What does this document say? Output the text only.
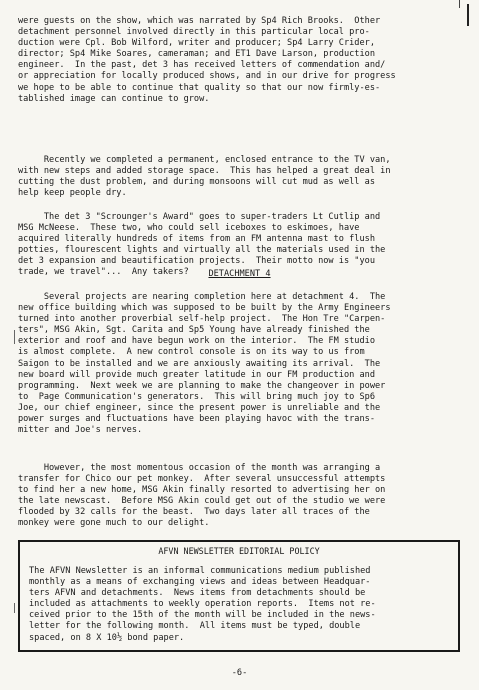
were guests on the show, which was narrated by Sp4 Rich Brooks.  Other
detachment personnel involved directly in this particular local pro-
duction were Cpl. Bob Wilford, writer and producer; Sp4 Larry Crider,
director; Sp4 Mike Soares, cameraman; and ET1 Dave Larson, production
engineer.  In the past, det 3 has received letters of commendation and/
or appreciation for locally produced shows, and in our drive for progress
we hope to be able to continue that quality so that our now firmly-es-
tablished image can continue to grow.

Recently we completed a permanent, enclosed entrance to the TV van,
with new steps and added storage space.  This has helped a great deal in
cutting the dust problem, and during monsoons will cut mud as well as
help keep people dry.

The det 3 "Scrounger's Award" goes to super-traders Lt Cutlip and
MSG McNeese.  These two, who could sell iceboxes to eskimoes, have
acquired literally hundreds of items from an FM antenna mast to flush
potties, flourescent lights and virtually all the materials used in the
det 3 expansion and beautification projects.  Their motto now is "you
trade, we travel"...  Any takers?	DETACHMENT 4

Several projects are nearing completion here at detachment 4.  The
new office building which was supposed to be built by the Army Engineers
turned into another proverbial self-help project.  The Hon Tre "Carpen-
ters", MSG Akin, Sgt. Carita and Sp5 Young have already finished the
exterior and roof and have begun work on the interior.  The FM studio
is almost complete.  A new control console is on its way to us from
Saigon to be installed and we are anxiously awaiting its arrival.  The
new board will provide much greater latitude in our FM production and
programming.  Next week we are planning to make the changeover in power
to  Page Communication's generators.  This will bring much joy to Sp6
Joe, our chief engineer, since the present power is unreliable and the
power surges and fluctuations have been playing havoc with the trans-
mitter and Joe's nerves.

However, the most momentous occasion of the month was arranging a
transfer for Chico our pet monkey.  After several unsuccessful attempts
to find her a new home, MSG Akin finally resorted to advertising her on
the late newscast.  Before MSG Akin could get out of the studio we were
flooded by 32 calls for the beast.  Two days later all traces of the
monkey were gone much to our delight.

AFVN NEWSLETTER EDITORIAL POLICY

The AFVN Newsletter is an informal communications medium published
monthly as a means of exchanging views and ideas between Headquar-
ters AFVN and detachments.  News items from detachments should be
included as attachments to weekly operation reports.  Items not re-
ceived prior to the 15th of the month will be included in the news-
letter for the following month.  All items must be typed, double
spaced, on 8 X 10½ bond paper.

-6-
